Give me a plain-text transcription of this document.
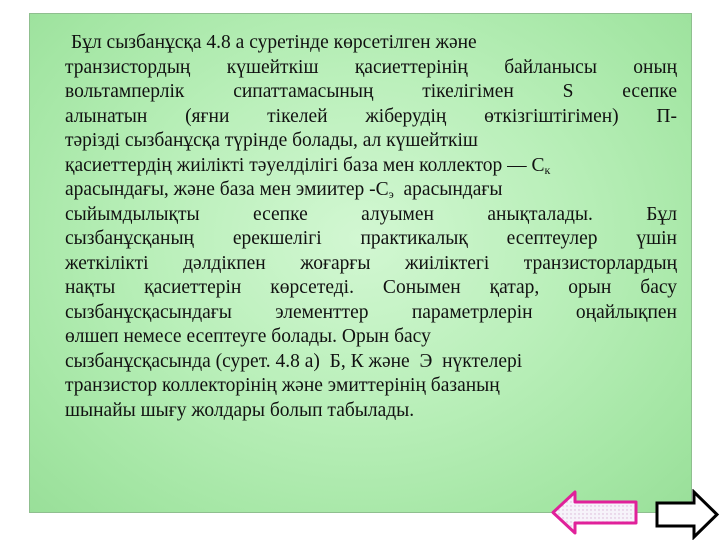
Бұл сызбанұсқа 4.8 а суретінде көрсетілген және
транзистордың күшейткіш қасиеттерінің байланысы оның
вольтамперлік сипаттамасының тікелігімен S есепке
алынатын (яғни тікелей жіберудің өткізгіштігімен) П-
тәрізді сызбанұсқа түрінде болады, ал күшейткіш
қасиеттердің жиілікті тәуелділігі база мен коллектор — $С_к$
арасындағы, және база мен эмиитер $-С_э$  арасындағы
сыйымдылықты есепке алуымен анықталады. Бұл
сызбанұсқаның ерекшелігі практикалық есептеулер үшін
жеткілікті дәлдікпен жоғарғы жиіліктегі транзисторлардың
нақты қасиеттерін көрсетеді. Сонымен қатар, орын басу
сызбанұсқасындағы элементтер параметрлерін оңайлықпен
өлшеп немесе есептеуге болады. Орын басу
сызбанұсқасында (сурет. 4.8 а)  Б, К және  Э  нүктелері
транзистор коллекторінің және эмиттерінің базаның
шынайы шығу жолдары болып табылады.
